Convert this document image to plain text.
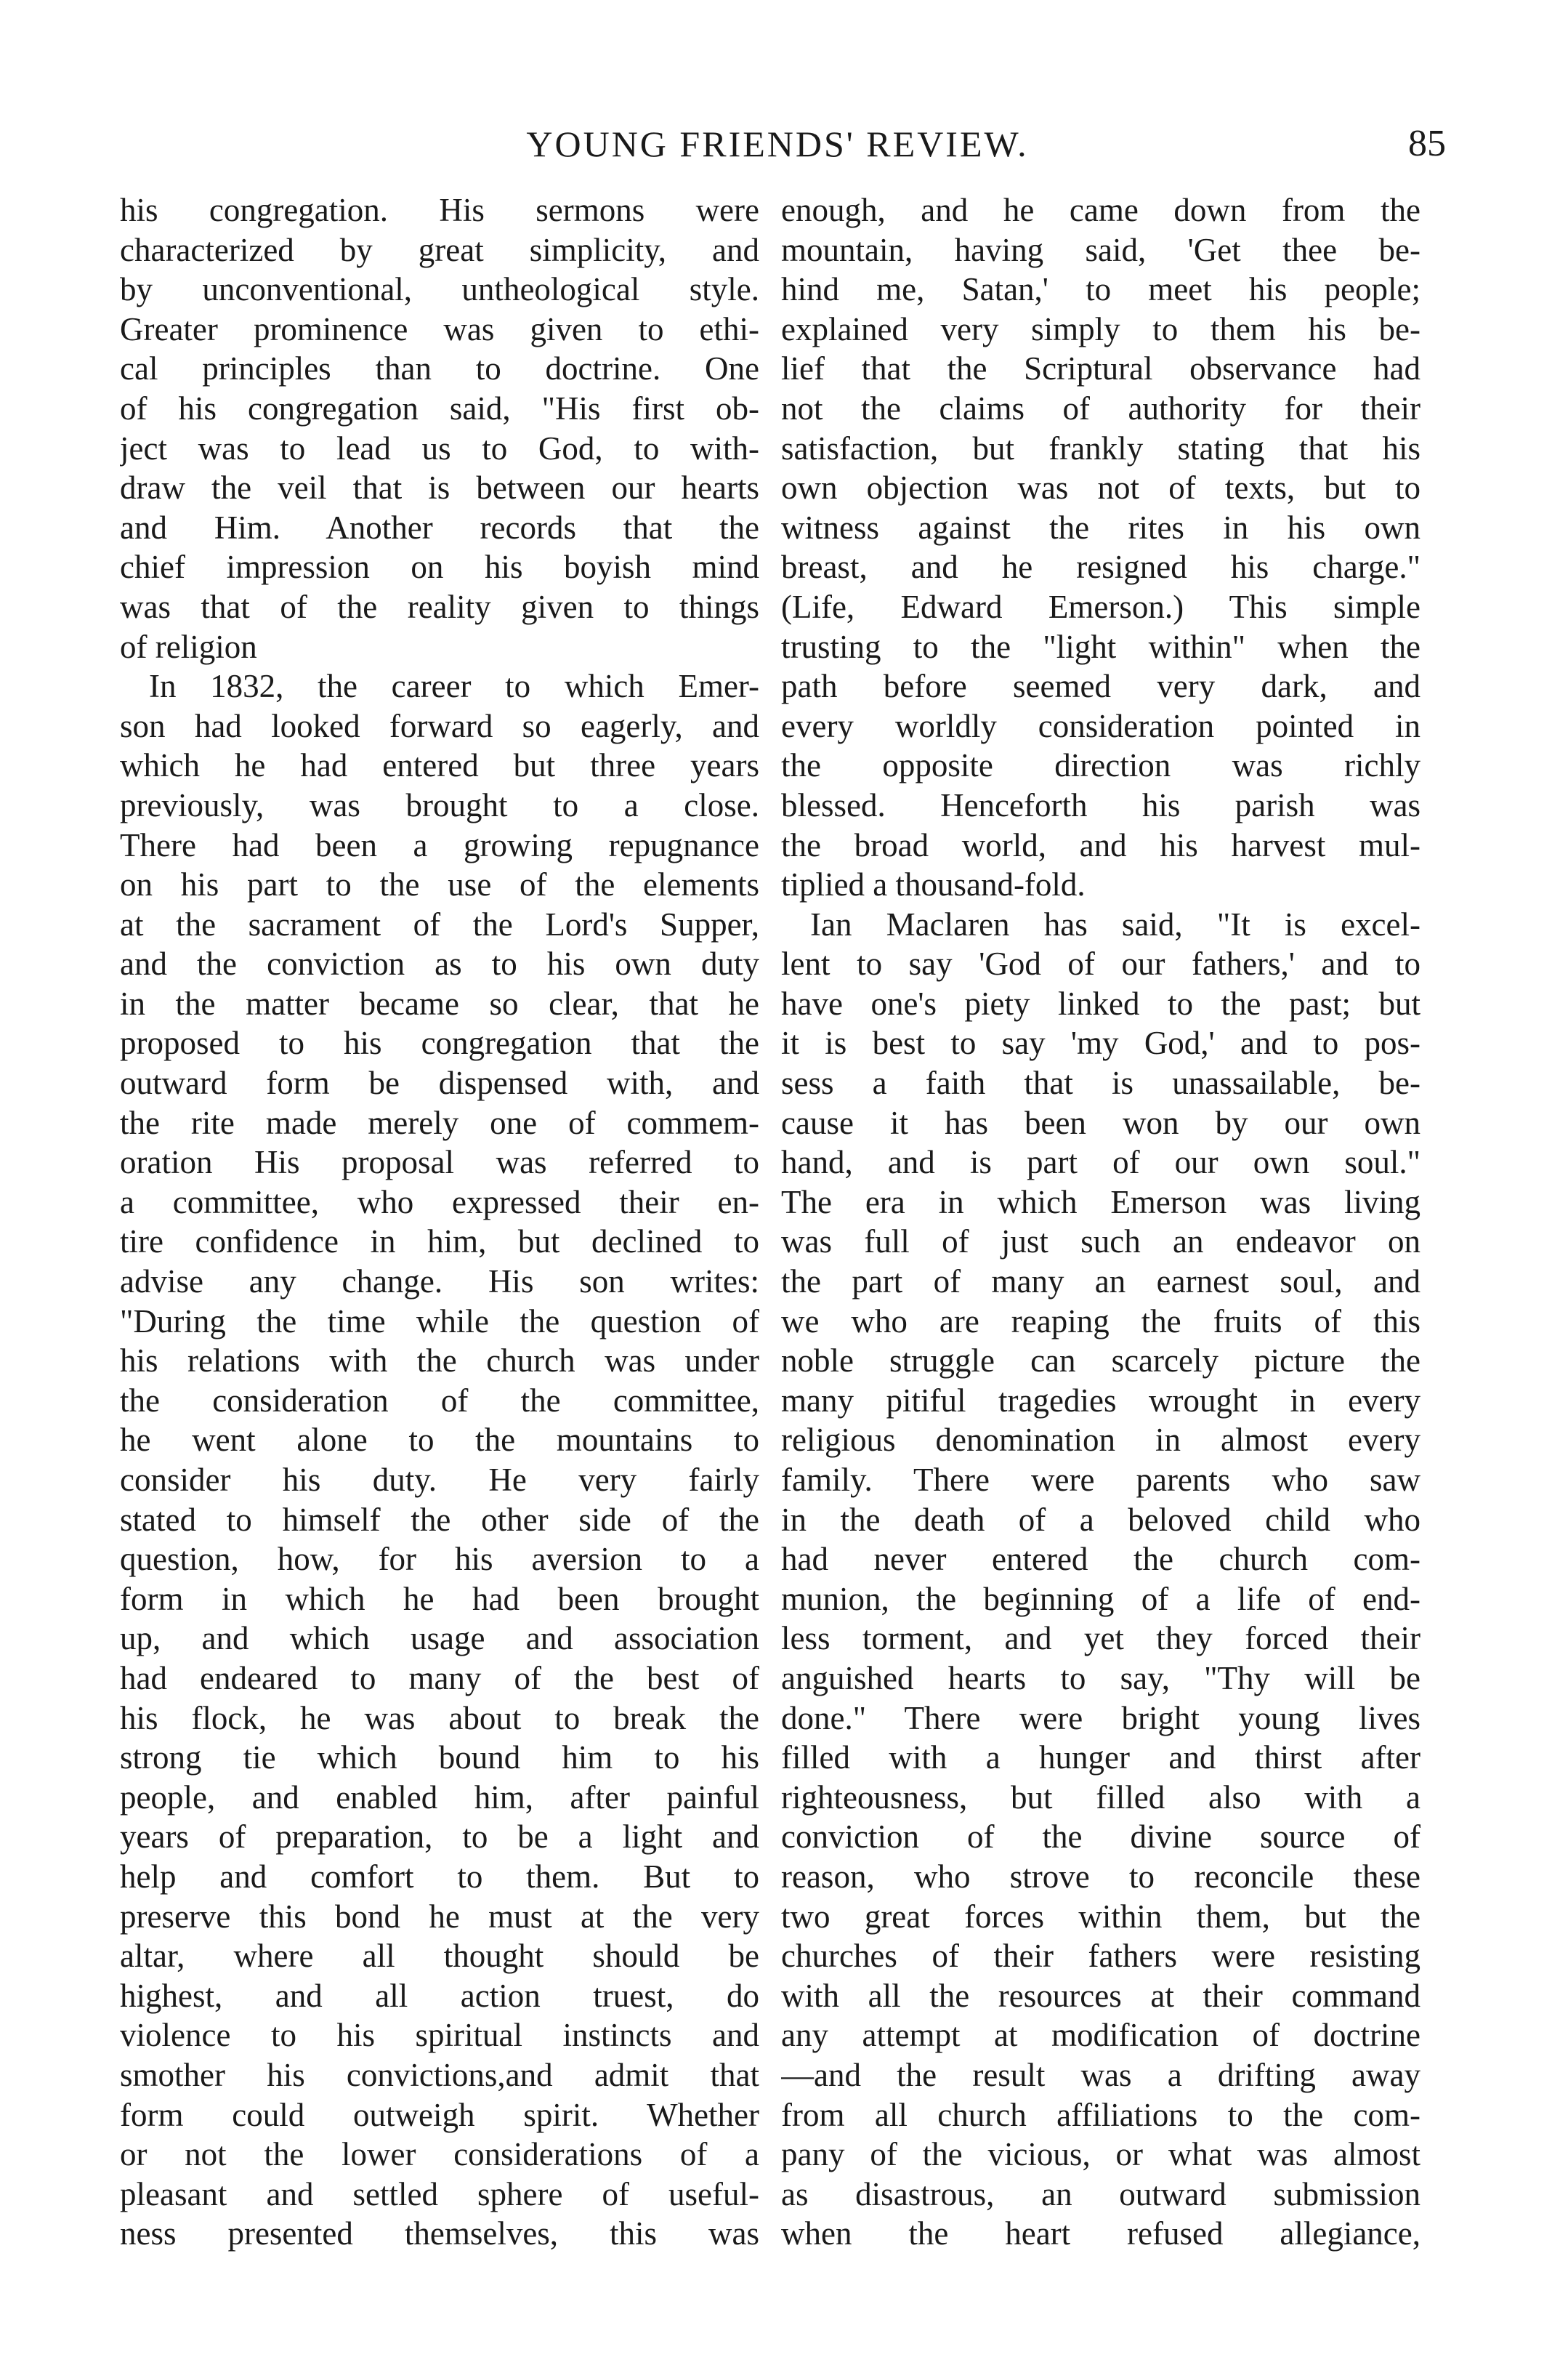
YOUNG FRIENDS' REVIEW.	85
his congregation. His sermons were
characterized by great simplicity, and
by unconventional, untheological style.
Greater prominence was given to ethi-
cal principles than to doctrine. One
of his congregation said, "His first ob-
ject was to lead us to God, to with-
draw the veil that is between our hearts
and Him. Another records that the
chief impression on his boyish mind
was that of the reality given to things
of religion
In 1832, the career to which Emer-
son had looked forward so eagerly, and
which he had entered but three years
previously, was brought to a close.
There had been a growing repugnance
on his part to the use of the elements
at the sacrament of the Lord's Supper,
and the conviction as to his own duty
in the matter became so clear, that he
proposed to his congregation that the
outward form be dispensed with, and
the rite made merely one of commem-
oration His proposal was referred to
a committee, who expressed their en-
tire confidence in him, but declined to
advise any change. His son writes:
"During the time while the question of
his relations with the church was under
the consideration of the committee,
he went alone to the mountains to
consider his duty. He very fairly
stated to himself the other side of the
question, how, for his aversion to a
form in which he had been brought
up, and which usage and association
had endeared to many of the best of
his flock, he was about to break the
strong tie which bound him to his
people, and enabled him, after painful
years of preparation, to be a light and
help and comfort to them. But to
preserve this bond he must at the very
altar, where all thought should be
highest, and all action truest, do
violence to his spiritual instincts and
smother his convictions,and admit that
form could outweigh spirit. Whether
or not the lower considerations of a
pleasant and settled sphere of useful-
ness presented themselves, this was
enough, and he came down from the
mountain, having said, 'Get thee be-
hind me, Satan,' to meet his people;
explained very simply to them his be-
lief that the Scriptural observance had
not the claims of authority for their
satisfaction, but frankly stating that his
own objection was not of texts, but to
witness against the rites in his own
breast, and he resigned his charge."
(Life, Edward Emerson.) This simple
trusting to the "light within" when the
path before seemed very dark, and
every worldly consideration pointed in
the opposite direction was richly
blessed. Henceforth his parish was
the broad world, and his harvest mul-
tiplied a thousand-fold.
Ian Maclaren has said, "It is excel-
lent to say 'God of our fathers,' and to
have one's piety linked to the past; but
it is best to say 'my God,' and to pos-
sess a faith that is unassailable, be-
cause it has been won by our own
hand, and is part of our own soul."
The era in which Emerson was living
was full of just such an endeavor on
the part of many an earnest soul, and
we who are reaping the fruits of this
noble struggle can scarcely picture the
many pitiful tragedies wrought in every
religious denomination in almost every
family. There were parents who saw
in the death of a beloved child who
had never entered the church com-
munion, the beginning of a life of end-
less torment, and yet they forced their
anguished hearts to say, "Thy will be
done." There were bright young lives
filled with a hunger and thirst after
righteousness, but filled also with a
conviction of the divine source of
reason, who strove to reconcile these
two great forces within them, but the
churches of their fathers were resisting
with all the resources at their command
any attempt at modification of doctrine
—and the result was a drifting away
from all church affiliations to the com-
pany of the vicious, or what was almost
as disastrous, an outward submission
when the heart refused allegiance,
